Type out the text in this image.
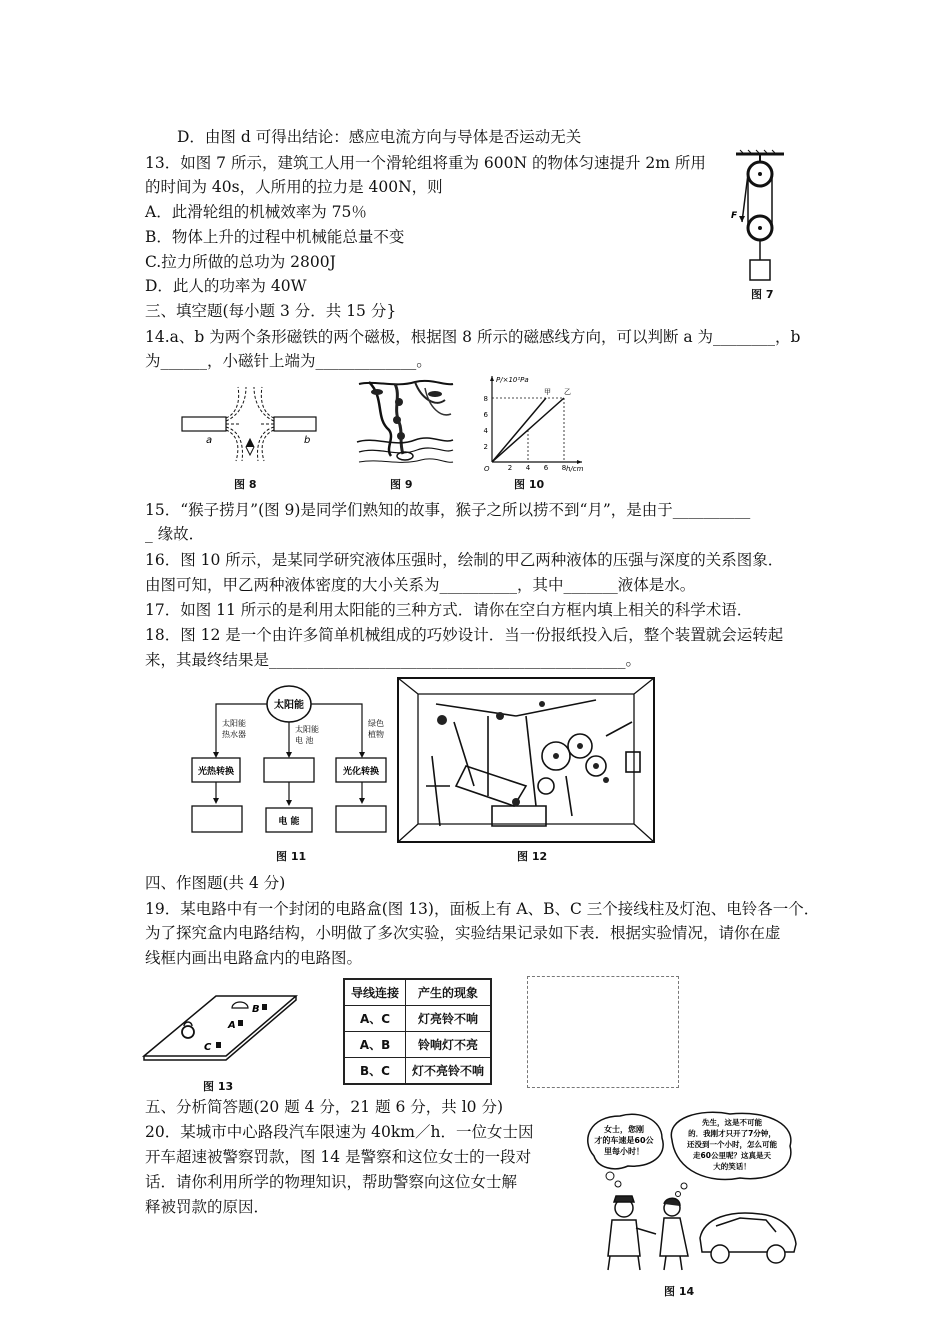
D．由图 d 可得出结论：感应电流方向与导体是否运动无关
13．如图 7 所示，建筑工人用一个滑轮组将重为 600N 的物体匀速提升 2m 所用
的时间为 40s，人所用的拉力是 400N，则
A．此滑轮组的机械效率为 75％
B．物体上升的过程中机械能总量不变
C.拉力所做的总功为 2800J
D．此人的功率为 40W
三、填空题(每小题 3 分．共 15 分}
14.a、b 为两个条形磁铁的两个磁极，根据图 8 所示的磁感线方向，可以判断 a 为________，b
为______，小磁针上端为_____________。
15．“猴子捞月”(图 9)是同学们熟知的故事，猴子之所以捞不到“月”，是由于__________
_ 缘故．
16．图 10 所示，是某同学研究液体压强时，绘制的甲乙两种液体的压强与深度的关系图象．
由图可知，甲乙两种液体密度的大小关系为__________，其中_______液体是水。
17．如图 11 所示的是利用太阳能的三种方式．请你在空白方框内填上相关的科学术语．
18．图 12 是一个由许多简单机械组成的巧妙设计．当一份报纸投入后，整个装置就会运转起
来，其最终结果是______________________________________________。
四、作图题(共 4 分)
19．某电路中有一个封闭的电路盒(图 13)，面板上有 A、B、C 三个接线柱及灯泡、电铃各一个．
为了探究盒内电路结构，小明做了多次实验，实验结果记录如下表．根据实验情况，请你在虚
线框内画出电路盒内的电路图。
五、分析简答题(20 题 4 分，21 题 6 分，共 l0 分)
20．某城市中心路段汽车限速为 40km／h．一位女士因
开车超速被警察罚款，图 14 是警察和这位女士的一段对
话．请你利用所学的物理知识，帮助警察向这位女士解
释被罚款的原因．
F
图 7
a	b
图 8	图 9
P/×10²Pa
h/cm
O	2 4 6 8
2
4
6
8
甲 乙
图 10
太阳能
太阳能
热水器
太阳能
电 池
绿色
植物
光热转换	光化转换
电 能
图 11	图 12
B
A
C
图 13
导线连接	产生的现象
A、C	灯亮铃不响
A、B	铃响灯不亮
B、C	灯不亮铃不响
女士，您刚
才的车速是60公
里每小时！
先生，这是不可能
的．我刚才只开了7分钟，
还没到一个小时，怎么可能
走60公里呢？这真是天
大的笑话！
图 14
